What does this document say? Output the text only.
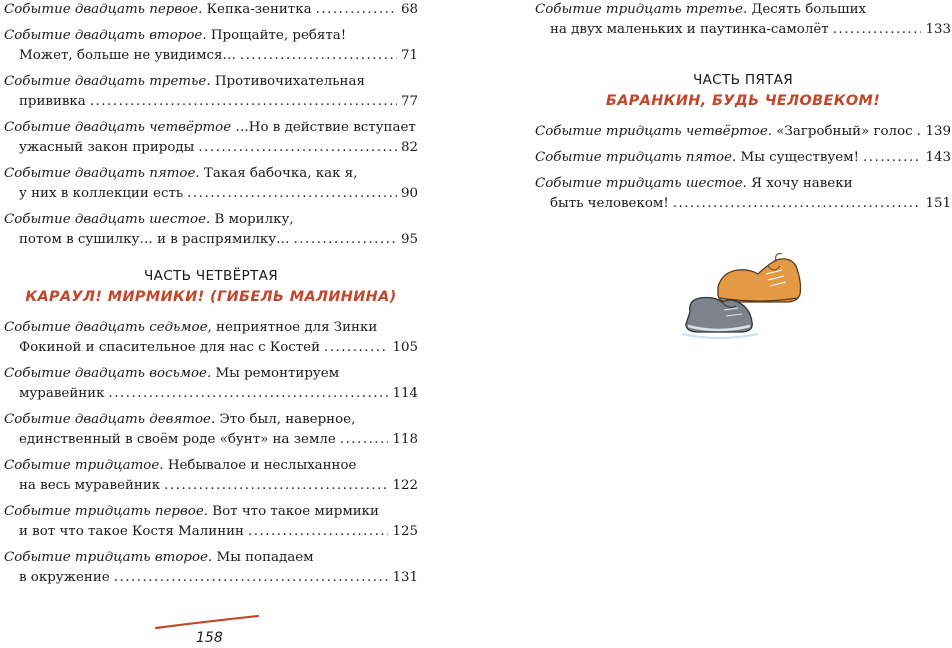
Событие двадцать первое. Кепка-зенитка .....	68
Событие двадцать второе. Прощайте, ребята!
Может, больше не увидимся… .....	71
Событие двадцать третье. Противочихательная
прививка .....	77
Событие двадцать четвёртое …Но в действие вступает
ужасный закон природы .....	82
Событие двадцать пятое. Такая бабочка, как я,
у них в коллекции есть .....	90
Событие двадцать шестое. В морилку,
потом в сушилку… и в распрямилку… .....	95
ЧАСТЬ ЧЕТВЁРТАЯ
КАРАУЛ! МИРМИКИ! (ГИБЕЛЬ МАЛИНИНА)
Событие двадцать седьмое, неприятное для Зинки
Фокиной и спасительное для нас с Костей .....	105
Событие двадцать восьмое. Мы ремонтируем
муравейник .....	114
Событие двадцать девятое. Это был, наверное,
единственный в своём роде «бунт» на земле .....	118
Событие тридцатое. Небывалое и неслыханное
на весь муравейник .....	122
Событие тридцать первое. Вот что такое мирмики
и вот что такое Костя Малинин .....	125
Событие тридцать второе. Мы попадаем
в окружение .....	131
Событие тридцать третье. Десять больших
на двух маленьких и паутинка-самолёт .....	133
ЧАСТЬ ПЯТАЯ
БАРАНКИН, БУДЬ ЧЕЛОВЕКОМ!
Событие тридцать четвёртое. «Загробный» голос ..... 139
Событие тридцать пятое. Мы существуем! .....	143
Событие тридцать шестое. Я хочу навеки
быть человеком! .....	151
158
